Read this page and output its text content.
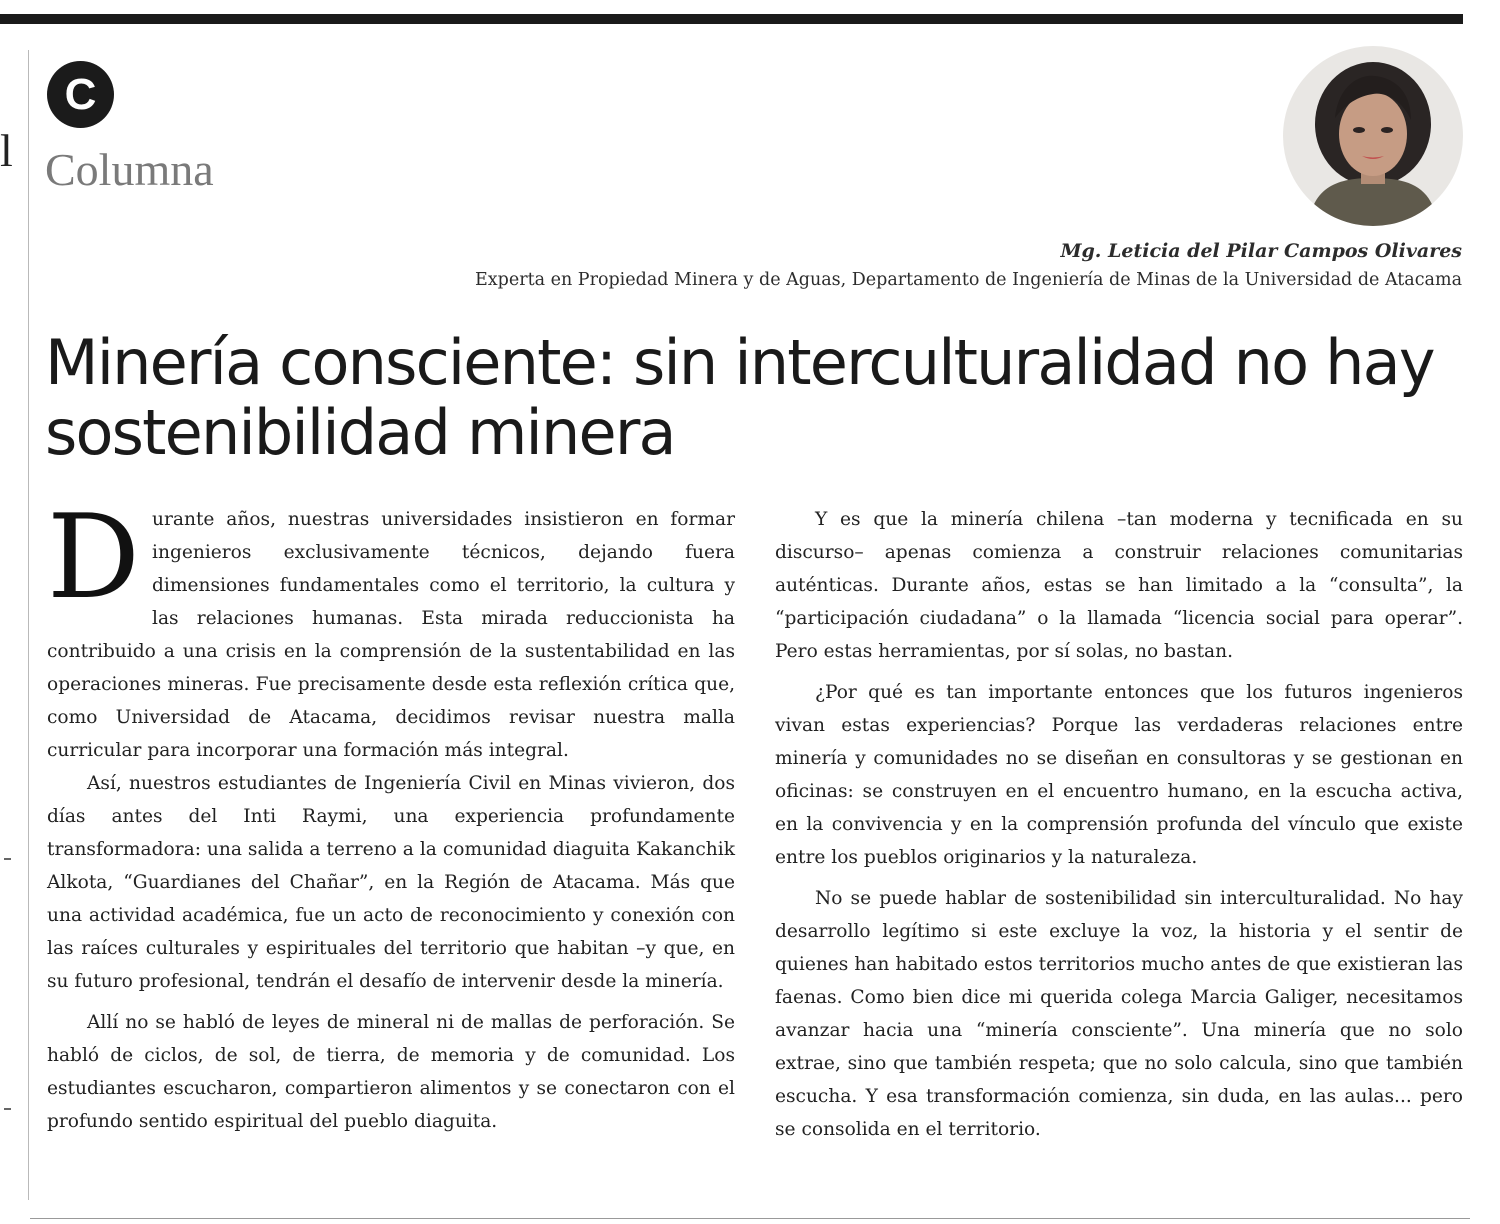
l
C
Columna
Mg. Leticia del Pilar Campos Olivares
Experta en Propiedad Minera y de Aguas, Departamento de Ingeniería de Minas de la Universidad de Atacama
Minería consciente: sin interculturalidad no hay sostenibilidad minera

Durante años, nuestras universidades insistieron en formar ingenieros exclusivamente técnicos, dejando fuera dimensiones fundamentales como el territorio, la cultura y las relaciones humanas. Esta mirada reduccionista ha contribuido a una crisis en la comprensión de la sustentabilidad en las operaciones mineras. Fue precisamente desde esta reflexión crítica que, como Universidad de Atacama, decidimos revisar nuestra malla curricular para incorporar una formación más integral.

Así, nuestros estudiantes de Ingeniería Civil en Minas vivieron, dos días antes del Inti Raymi, una experiencia profundamente transformadora: una salida a terreno a la comunidad diaguita Kakanchik Alkota, “Guardianes del Chañar”, en la Región de Atacama. Más que una actividad académica, fue un acto de reconocimiento y conexión con las raíces culturales y espirituales del territorio que habitan –y que, en su futuro profesional, tendrán el desafío de intervenir desde la minería.

Allí no se habló de leyes de mineral ni de mallas de perforación. Se habló de ciclos, de sol, de tierra, de memoria y de comunidad. Los estudiantes escucharon, compartieron alimentos y se conectaron con el profundo sentido espiritual del pueblo diaguita.

Y es que la minería chilena –tan moderna y tecnificada en su discurso– apenas comienza a construir relaciones comunitarias auténticas. Durante años, estas se han limitado a la “consulta”, la “participación ciudadana” o la llamada “licencia social para operar”. Pero estas herramientas, por sí solas, no bastan.

¿Por qué es tan importante entonces que los futuros ingenieros vivan estas experiencias? Porque las verdaderas relaciones entre minería y comunidades no se diseñan en consultoras y se gestionan en oficinas: se construyen en el encuentro humano, en la escucha activa, en la convivencia y en la comprensión profunda del vínculo que existe entre los pueblos originarios y la naturaleza.

No se puede hablar de sostenibilidad sin interculturalidad. No hay desarrollo legítimo si este excluye la voz, la historia y el sentir de quienes han habitado estos territorios mucho antes de que existieran las faenas. Como bien dice mi querida colega Marcia Galiger, necesitamos avanzar hacia una “minería consciente”. Una minería que no solo extrae, sino que también respeta; que no solo calcula, sino que también escucha. Y esa transformación comienza, sin duda, en las aulas... pero se consolida en el territorio.
